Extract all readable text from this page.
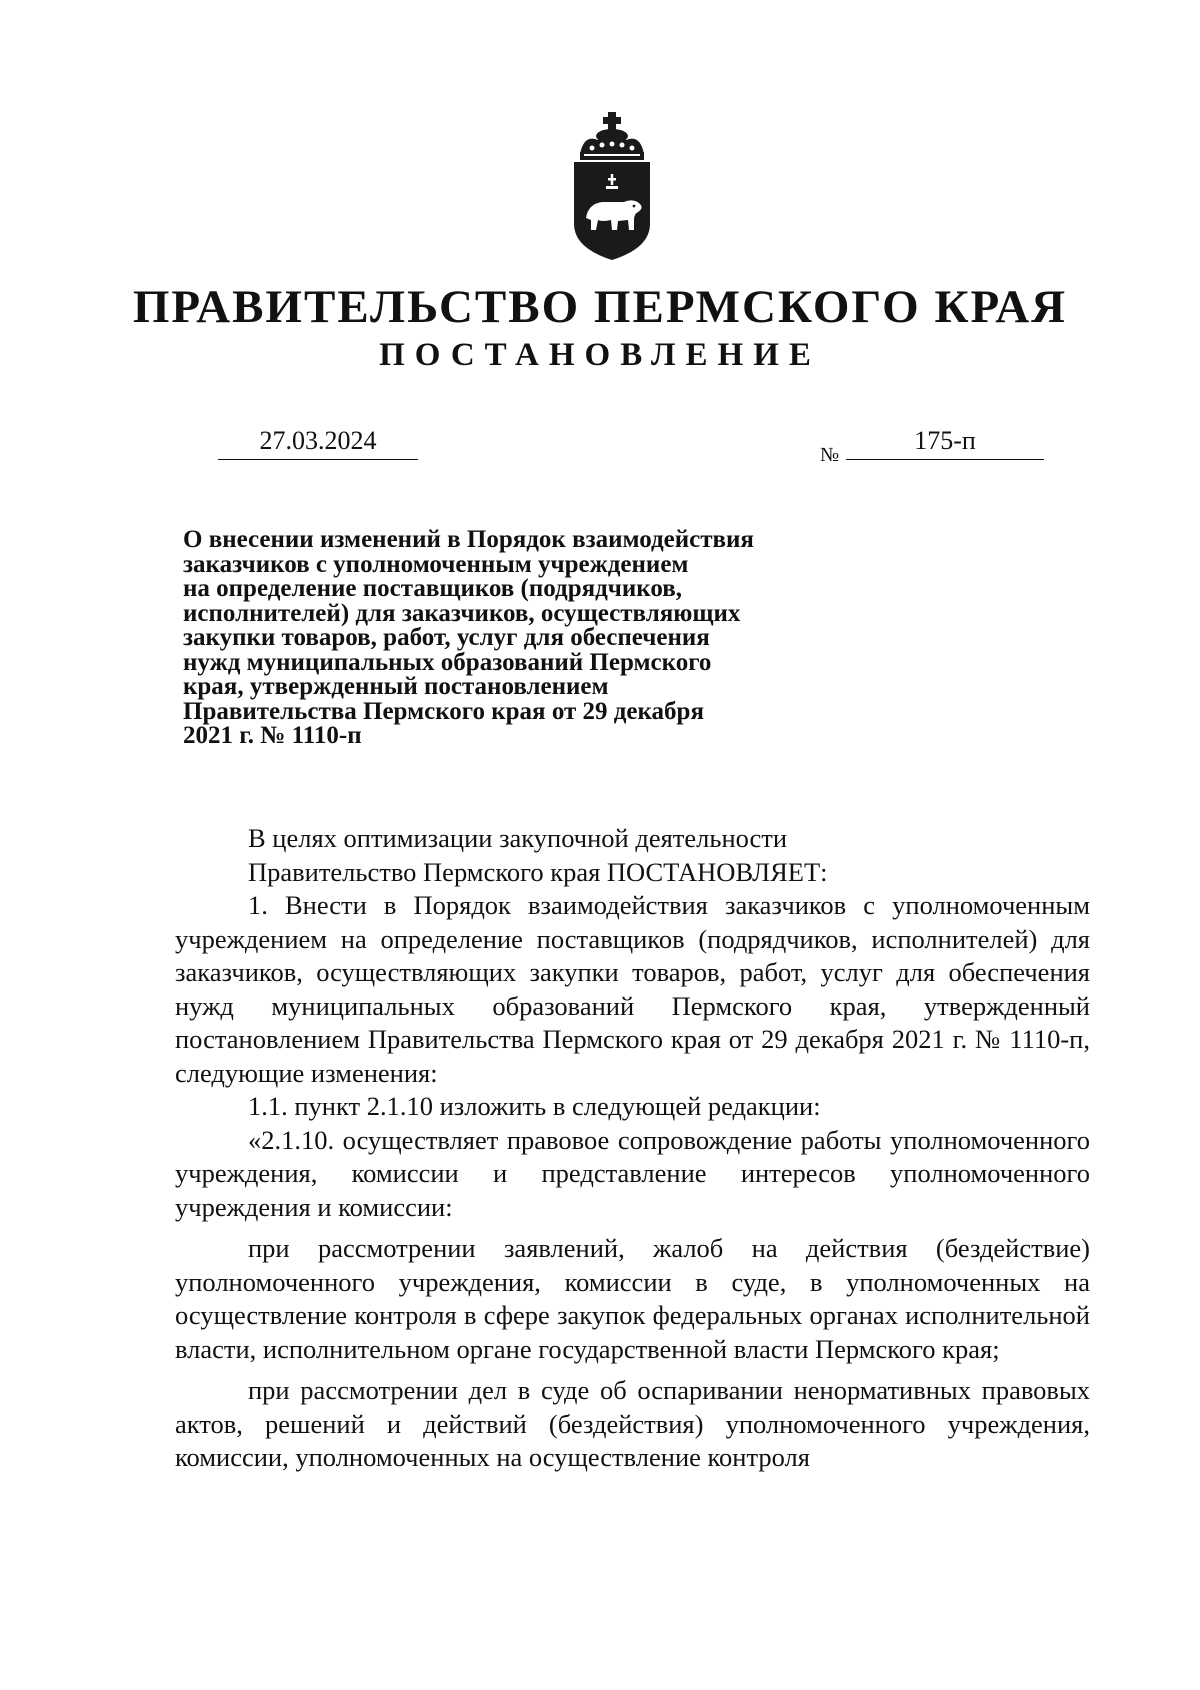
ПРАВИТЕЛЬСТВО ПЕРМСКОГО КРАЯ
ПОСТАНОВЛЕНИЕ
27.03.2024	№	175-п
О внесении изменений в Порядок взаимодействия
заказчиков с уполномоченным учреждением
на определение поставщиков (подрядчиков,
исполнителей) для заказчиков, осуществляющих
закупки товаров, работ, услуг для обеспечения
нужд муниципальных образований Пермского
края, утвержденный постановлением
Правительства Пермского края от 29 декабря
2021 г. № 1110-п

В целях оптимизации закупочной деятельности

Правительство Пермского края ПОСТАНОВЛЯЕТ:

1. Внести в Порядок взаимодействия заказчиков с уполномоченным учреждением на определение поставщиков (подрядчиков, исполнителей) для заказчиков, осуществляющих закупки товаров, работ, услуг для обеспечения нужд муниципальных образований Пермского края, утвержденный постановлением Правительства Пермского края от 29 декабря 2021 г. № 1110-п, следующие изменения:

1.1. пункт 2.1.10 изложить в следующей редакции:

«2.1.10. осуществляет правовое сопровождение работы уполномоченного учреждения, комиссии и представление интересов уполномоченного учреждения и комиссии:

при рассмотрении заявлений, жалоб на действия (бездействие) уполномоченного учреждения, комиссии в суде, в уполномоченных на осуществление контроля в сфере закупок федеральных органах исполнительной власти, исполнительном органе государственной власти Пермского края;

при рассмотрении дел в суде об оспаривании ненормативных правовых актов, решений и действий (бездействия) уполномоченного учреждения, комиссии, уполномоченных на осуществление контроля
